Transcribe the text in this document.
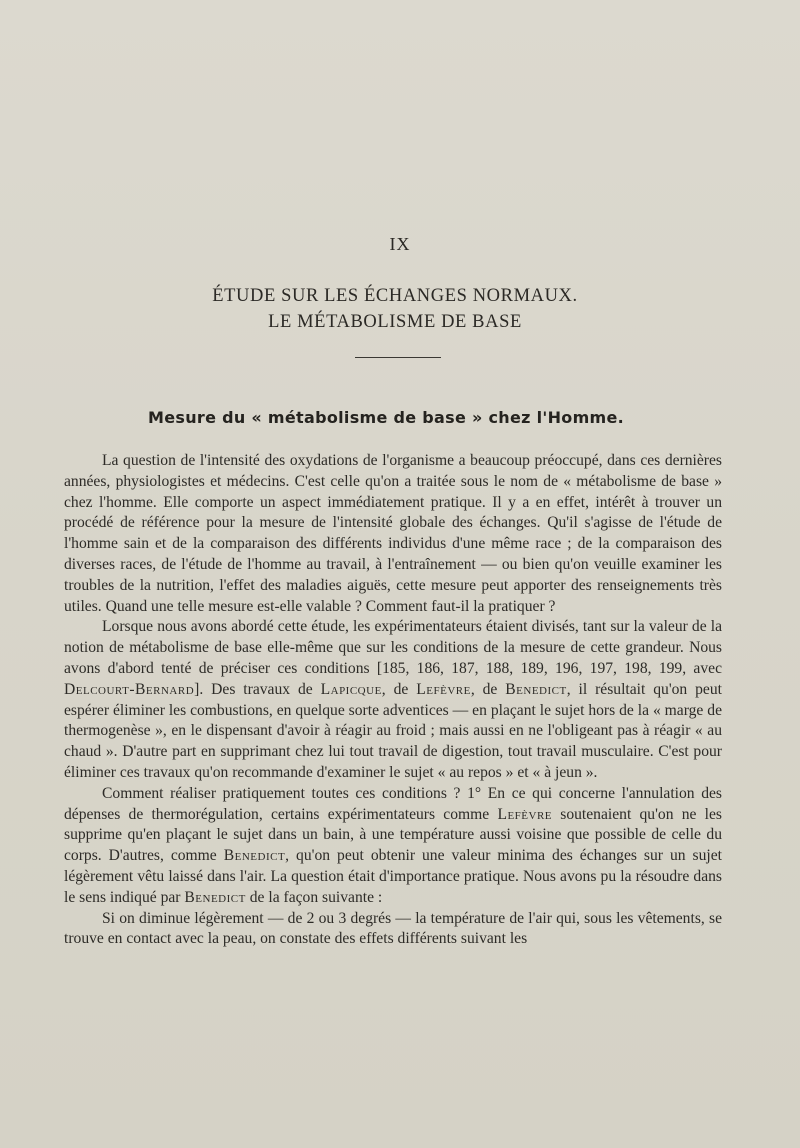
IX
ÉTUDE SUR LES ÉCHANGES NORMAUX.
LE MÉTABOLISME DE BASE
Mesure du « métabolisme de base » chez l'Homme.

La question de l'intensité des oxydations de l'organisme a beaucoup préoccupé, dans ces dernières années, physiologistes et médecins. C'est celle qu'on a traitée sous le nom de « métabolisme de base » chez l'homme. Elle comporte un aspect immédiatement pratique. Il y a en effet, intérêt à trouver un procédé de référence pour la mesure de l'intensité globale des échanges. Qu'il s'agisse de l'étude de l'homme sain et de la comparaison des différents individus d'une même race ; de la comparaison des diverses races, de l'étude de l'homme au travail, à l'entraînement — ou bien qu'on veuille examiner les troubles de la nutrition, l'effet des maladies aiguës, cette mesure peut apporter des renseignements très utiles. Quand une telle mesure est-elle valable ? Comment faut-il la pratiquer ?

Lorsque nous avons abordé cette étude, les expérimentateurs étaient divisés, tant sur la valeur de la notion de métabolisme de base elle-même que sur les conditions de la mesure de cette grandeur. Nous avons d'abord tenté de préciser ces conditions [185, 186, 187, 188, 189, 196, 197, 198, 199, avec Delcourt-Bernard]. Des travaux de Lapicque, de Lefèvre, de Benedict, il résultait qu'on peut espérer éliminer les combustions, en quelque sorte adventices — en plaçant le sujet hors de la « marge de thermogenèse », en le dispensant d'avoir à réagir au froid ; mais aussi en ne l'obligeant pas à réagir « au chaud ». D'autre part en supprimant chez lui tout travail de digestion, tout travail musculaire. C'est pour éliminer ces travaux qu'on recommande d'examiner le sujet « au repos » et « à jeun ».

Comment réaliser pratiquement toutes ces conditions ? 1° En ce qui concerne l'annulation des dépenses de thermorégulation, certains expérimentateurs comme Lefèvre soutenaient qu'on ne les supprime qu'en plaçant le sujet dans un bain, à une température aussi voisine que possible de celle du corps. D'autres, comme Benedict, qu'on peut obtenir une valeur minima des échanges sur un sujet légèrement vêtu laissé dans l'air. La question était d'importance pratique. Nous avons pu la résoudre dans le sens indiqué par Benedict de la façon suivante :

Si on diminue légèrement — de 2 ou 3 degrés — la température de l'air qui, sous les vêtements, se trouve en contact avec la peau, on constate des effets différents suivant les
